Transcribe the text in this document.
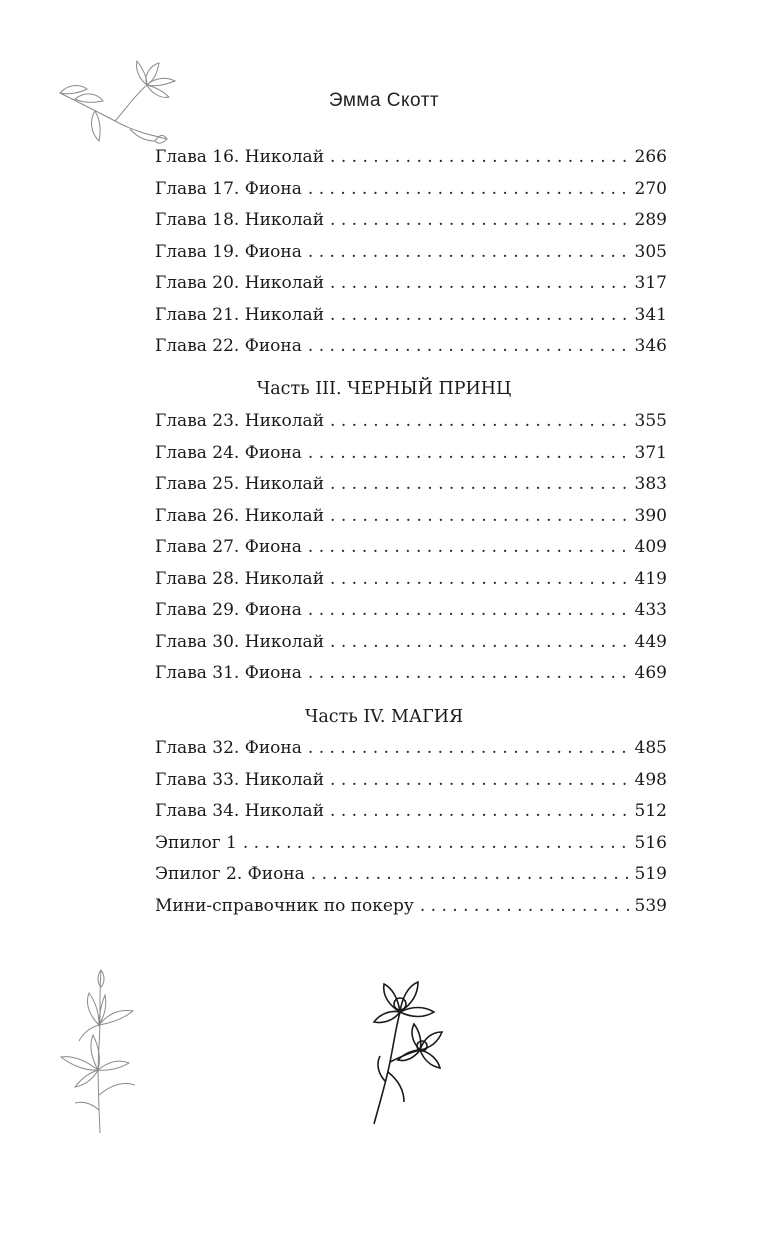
Эмма Скотт
Глава 16. Николай . . .	266
Глава 17. Фиона . . .	270
Глава 18. Николай . . .	289
Глава 19. Фиона . . .	305
Глава 20. Николай . . .	317
Глава 21. Николай . . .	341
Глава 22. Фиона . . .	346
Часть III. ЧЕРНЫЙ ПРИНЦ
Глава 23. Николай . . .	355
Глава 24. Фиона . . .	371
Глава 25. Николай . . .	383
Глава 26. Николай . . .	390
Глава 27. Фиона . . .	409
Глава 28. Николай . . .	419
Глава 29. Фиона . . .	433
Глава 30. Николай . . .	449
Глава 31. Фиона . . .	469
Часть IV. МАГИЯ
Глава 32. Фиона . . .	485
Глава 33. Николай . . .	498
Глава 34. Николай . . .	512
Эпилог 1 . . .	516
Эпилог 2. Фиона . . .	519
Мини-справочник по покеру . . .	539
